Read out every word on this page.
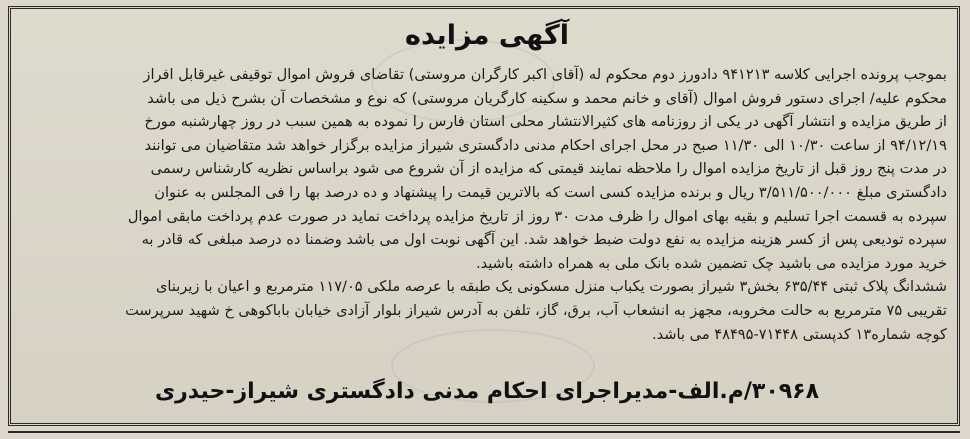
آگهی مزایده
بموجب پرونده اجرایی کلاسه ۹۴۱۲۱۳ دادورز دوم محکوم له (آقای اکبر کارگران مروستی) تقاضای فروش اموال توقیفی غیرقابل افراز
محکوم علیه/ اجرای دستور فروش اموال (آقای و خانم محمد و سکینه کارگریان مروستی) که نوع و مشخصات آن بشرح ذیل می باشد
از طریق مزایده و انتشار آگهی در یکی از روزنامه های کثیرالانتشار محلی استان فارس را نموده به همین سبب در روز چهارشنبه مورخ
۹۴/۱۲/۱۹ از ساعت ۱۰/۳۰ الی ۱۱/۳۰ صبح در محل اجرای احکام مدنی دادگستری شیراز مزایده برگزار خواهد شد متقاضیان می توانند
در مدت پنج روز قبل از تاریخ مزایده اموال را ملاحظه نمایند قیمتی که مزایده از آن شروع می شود براساس نظریه کارشناس رسمی
دادگستری مبلغ ۳/۵۱۱/۵۰۰/۰۰۰ ریال و برنده مزایده کسی است که بالاترین قیمت را پیشنهاد و ده درصد بها را فی المجلس به عنوان
سپرده به قسمت اجرا تسلیم و بقیه بهای اموال را ظرف مدت ۳۰ روز از تاریخ مزایده پرداخت نماید در صورت عدم پرداخت مابقی اموال
سپرده تودیعی پس از کسر هزینه مزایده به نفع دولت ضبط خواهد شد. این آگهی نوبت اول می باشد وضمنا ده درصد مبلغی که قادر به
خرید مورد مزایده می باشید چک تضمین شده بانک ملی به همراه داشته باشید.
ششدانگ پلاک ثبتی ۶۳۵/۴۴ بخش۳ شیراز بصورت یکباب منزل مسکونی یک طبقه با عرصه ملکی ۱۱۷/۰۵ مترمربع و اعیان با زیربنای
تقریبی ۷۵ مترمربع به حالت مخروبه، مجهز به انشعاب آب، برق، گاز، تلفن به آدرس شیراز بلوار آزادی خیابان باباکوهی خ شهید سرپرست
کوچه شماره۱۳ کدپستی ۷۱۴۴۸-۴۸۴۹۵ می باشد.
۳۰۹۶۸/م.الف-مدیراجرای احکام مدنی دادگستری شیراز-حیدری
